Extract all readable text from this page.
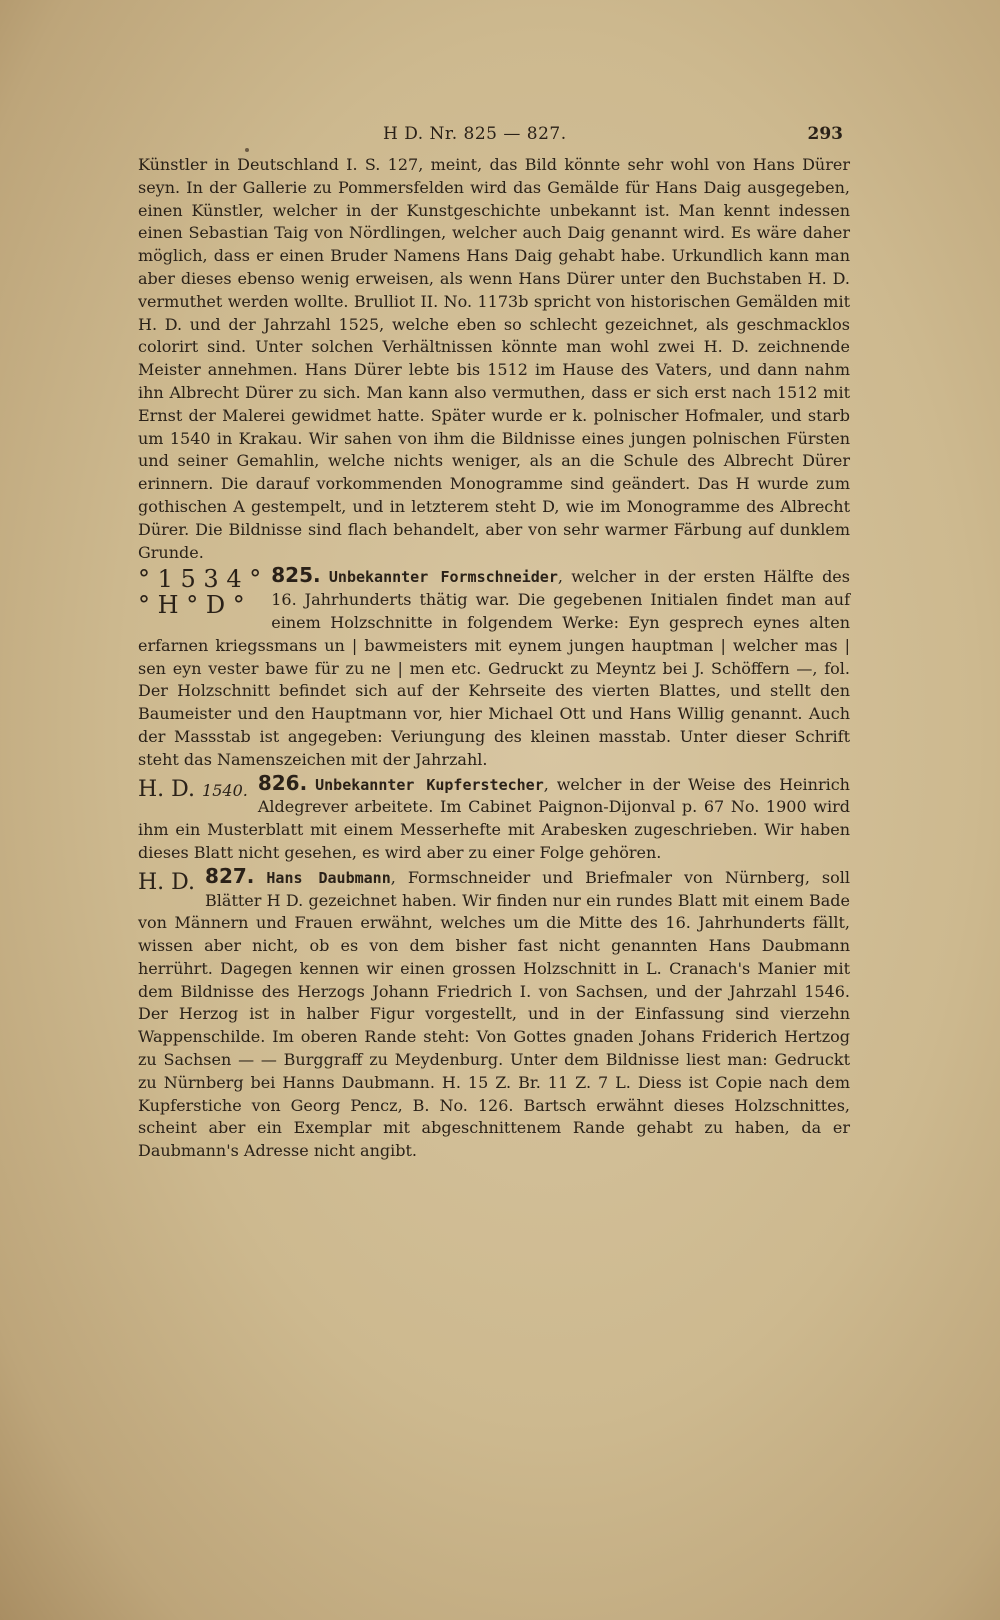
H D. Nr. 825 — 827.	293

Künstler in Deutschland I. S. 127, meint, das Bild könnte sehr wohl von Hans Dürer seyn. In der Gallerie zu Pommersfelden wird das Gemälde für Hans Daig ausgegeben, einen Künstler, welcher in der Kunstgeschichte unbekannt ist. Man kennt indessen einen Sebastian Taig von Nördlingen, welcher auch Daig genannt wird. Es wäre daher möglich, dass er einen Bruder Namens Hans Daig gehabt habe. Urkundlich kann man aber dieses ebenso wenig erweisen, als wenn Hans Dürer unter den Buchstaben H. D. vermuthet werden wollte. Brulliot II. No. 1173b spricht von historischen Gemälden mit H. D. und der Jahrzahl 1525, welche eben so schlecht gezeichnet, als geschmacklos colorirt sind. Unter solchen Verhältnissen könnte man wohl zwei H. D. zeichnende Meister annehmen. Hans Dürer lebte bis 1512 im Hause des Vaters, und dann nahm ihn Albrecht Dürer zu sich. Man kann also vermuthen, dass er sich erst nach 1512 mit Ernst der Malerei gewidmet hatte. Später wurde er k. polnischer Hofmaler, und starb um 1540 in Krakau. Wir sahen von ihm die Bildnisse eines jungen polnischen Fürsten und seiner Gemahlin, welche nichts weniger, als an die Schule des Albrecht Dürer erinnern. Die darauf vorkommenden Monogramme sind geändert. Das H wurde zum gothischen A gestempelt, und in letzterem steht D, wie im Monogramme des Albrecht Dürer. Die Bildnisse sind flach behandelt, aber von sehr warmer Färbung auf dunklem Grunde.

° 1 5 3 4 °
° H ° D °
825. Unbekannter Formschneider, welcher in der ersten Hälfte des 16. Jahrhunderts thätig war. Die gegebenen Initialen findet man auf einem Holzschnitte in folgendem Werke: Eyn gesprech eynes alten erfarnen kriegssmans un | bawmeisters mit eynem jungen hauptman | welcher mas | sen eyn vester bawe für zu ne | men etc. Gedruckt zu Meyntz bei J. Schöffern —, fol. Der Holzschnitt befindet sich auf der Kehrseite des vierten Blattes, und stellt den Baumeister und den Hauptmann vor, hier Michael Ott und Hans Willig genannt. Auch der Massstab ist angegeben: Veriungung des kleinen masstab. Unter dieser Schrift steht das Namenszeichen mit der Jahrzahl.

H. D. 1540. 826. Unbekannter Kupferstecher, welcher in der Weise des Heinrich Aldegrever arbeitete. Im Cabinet Paignon-Dijonval p. 67 No. 1900 wird ihm ein Musterblatt mit einem Messerhefte mit Arabesken zugeschrieben. Wir haben dieses Blatt nicht gesehen, es wird aber zu einer Folge gehören.

H. D. 827. Hans Daubmann, Formschneider und Briefmaler von Nürnberg, soll Blätter H D. gezeichnet haben. Wir finden nur ein rundes Blatt mit einem Bade von Männern und Frauen erwähnt, welches um die Mitte des 16. Jahrhunderts fällt, wissen aber nicht, ob es von dem bisher fast nicht genannten Hans Daubmann herrührt. Dagegen kennen wir einen grossen Holzschnitt in L. Cranach's Manier mit dem Bildnisse des Herzogs Johann Friedrich I. von Sachsen, und der Jahrzahl 1546. Der Herzog ist in halber Figur vorgestellt, und in der Einfassung sind vierzehn Wappenschilde. Im oberen Rande steht: Von Gottes gnaden Johans Friderich Hertzog zu Sachsen — — Burggraff zu Meydenburg. Unter dem Bildnisse liest man: Gedruckt zu Nürnberg bei Hanns Daubmann. H. 15 Z. Br. 11 Z. 7 L. Diess ist Copie nach dem Kupferstiche von Georg Pencz, B. No. 126. Bartsch erwähnt dieses Holzschnittes, scheint aber ein Exemplar mit abgeschnittenem Rande gehabt zu haben, da er Daubmann's Adresse nicht angibt.
